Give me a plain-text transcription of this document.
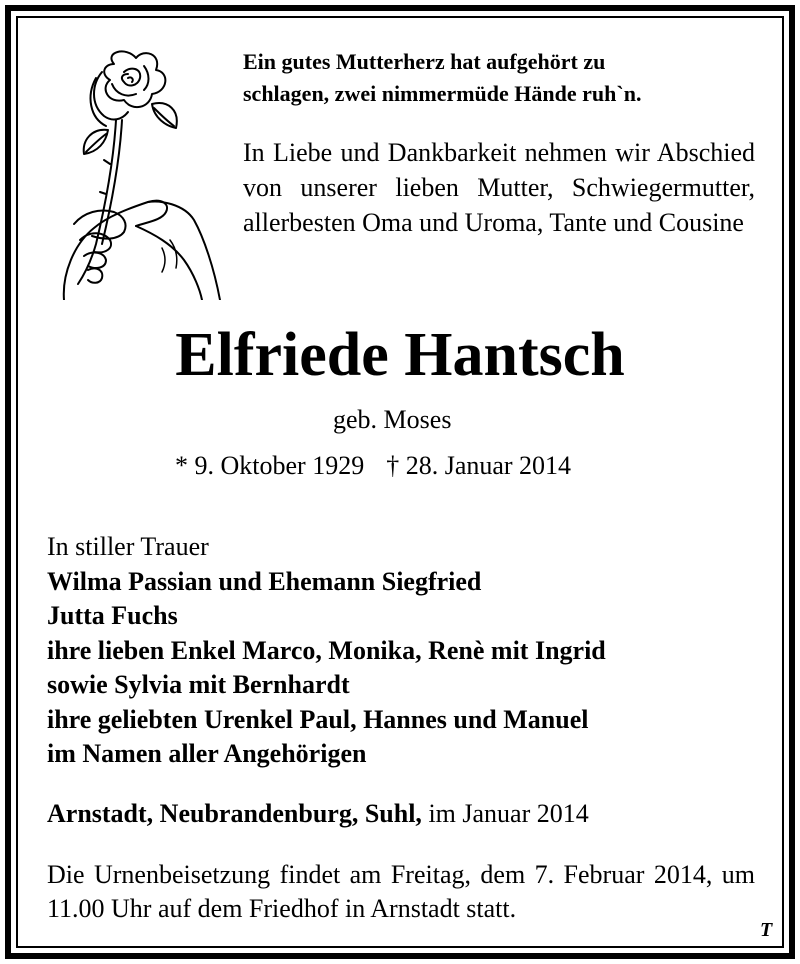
Ein gutes Mutterherz hat aufgehört zu
schlagen, zwei nimmermüde Hände ruh`n.
In Liebe und Dankbarkeit nehmen wir Abschied von unserer lieben Mutter, Schwiegermutter, allerbesten Oma und Uroma, Tante und Cousine
Elfriede Hantsch
geb. Moses
* 9. Oktober 1929 † 28. Januar 2014
In stiller Trauer
Wilma Passian und Ehemann Siegfried
Jutta Fuchs
ihre lieben Enkel Marco, Monika, Renè mit Ingrid
sowie Sylvia mit Bernhardt
ihre geliebten Urenkel Paul, Hannes und Manuel
im Namen aller Angehörigen
Arnstadt, Neubrandenburg, Suhl, im Januar 2014
Die Urnenbeisetzung findet am Freitag, dem 7. Februar 2014, um 11.00 Uhr auf dem Friedhof in Arnstadt statt.
T
